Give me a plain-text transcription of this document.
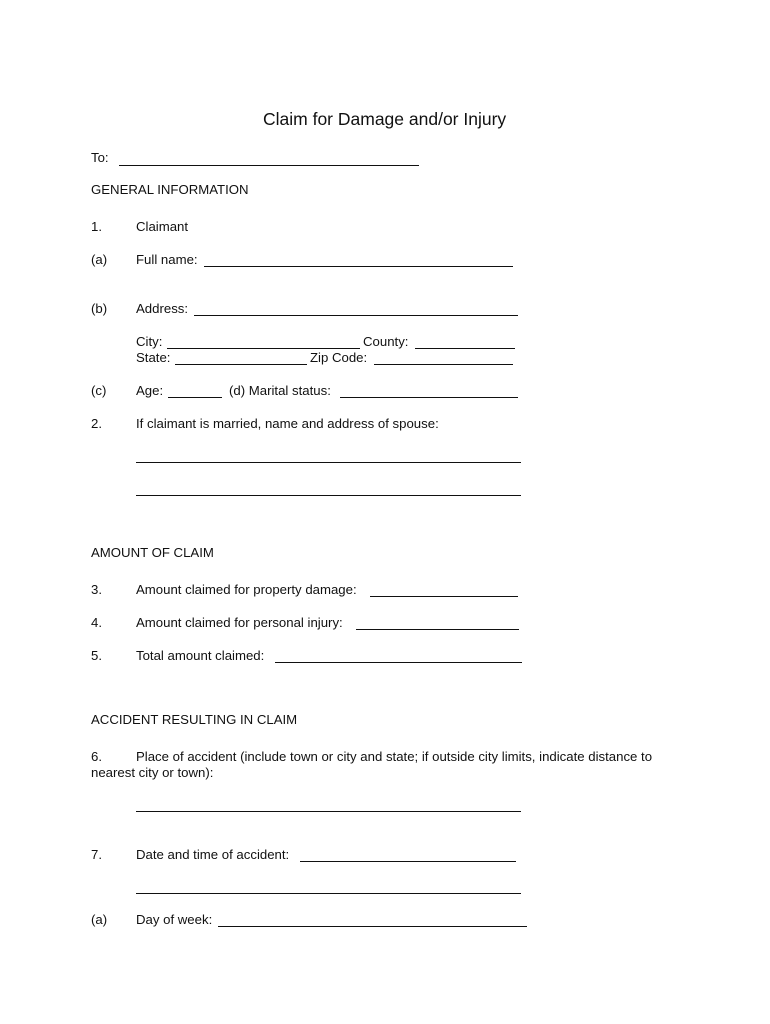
Claim for Damage and/or Injury
To:
GENERAL INFORMATION
1.	Claimant
(a) Full name:
(b) Address:
City:	County:
State:	Zip Code:
(c) Age:	(d) Marital status:
2.	If claimant is married, name and address of spouse:
AMOUNT OF CLAIM
3.	Amount claimed for property damage:
4.	Amount claimed for personal injury:
5.	Total amount claimed:
ACCIDENT RESULTING IN CLAIM
6.	Place of accident (include town or city and state; if outside city limits, indicate distance to
nearest city or town):
7.	Date and time of accident:
(a) Day of week:
